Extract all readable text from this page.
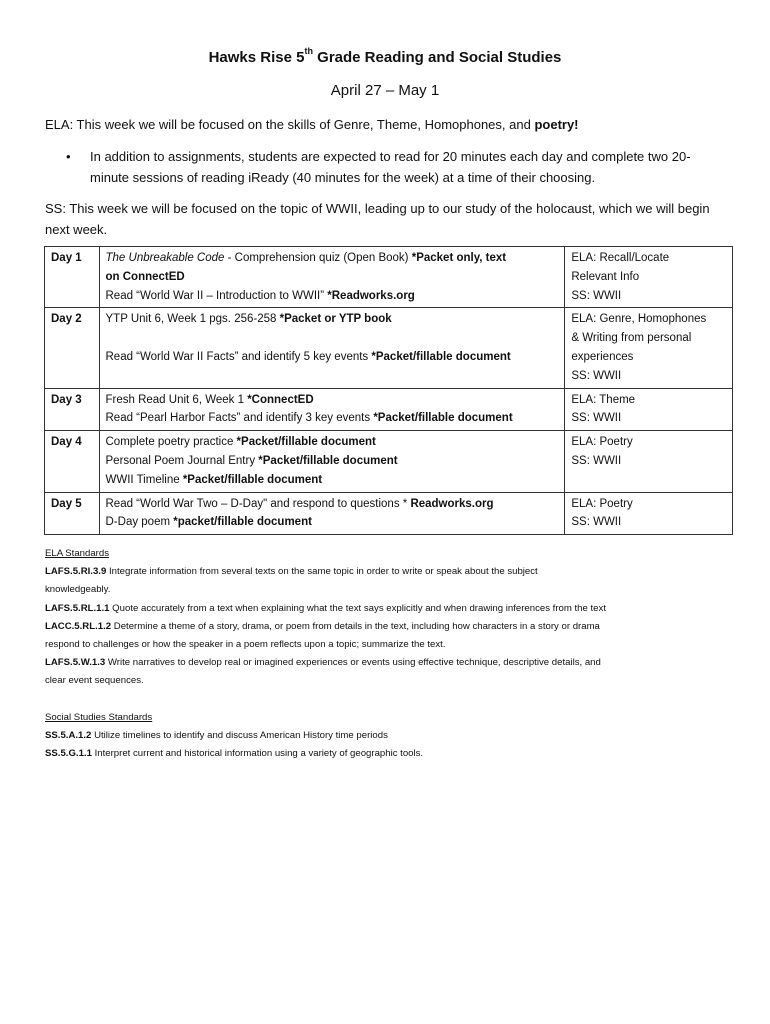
Hawks Rise 5th Grade Reading and Social Studies
April 27 – May 1
ELA: This week we will be focused on the skills of Genre, Theme, Homophones, and poetry!
• In addition to assignments, students are expected to read for 20 minutes each day and complete two 20-minute sessions of reading iReady (40 minutes for the week) at a time of their choosing.
SS: This week we will be focused on the topic of WWII, leading up to our study of the holocaust, which we will begin next week.
Day 1	The Unbreakable Code - Comprehension quiz (Open Book) *Packet only, text
on ConnectED
Read “World War II – Introduction to WWII” *Readworks.org	ELA: Recall/Locate
Relevant Info
SS: WWII

Day 2	YTP Unit 6, Week 1 pgs. 256-258 *Packet or YTP book
Read “World War II Facts” and identify 5 key events *Packet/fillable document	ELA: Genre, Homophones
& Writing from personal
experiences
SS: WWII

Day 3	Fresh Read Unit 6, Week 1 *ConnectED
Read “Pearl Harbor Facts” and identify 3 key events *Packet/fillable document	ELA: Theme
SS: WWII

Day 4	Complete poetry practice *Packet/fillable document
Personal Poem Journal Entry *Packet/fillable document
WWII Timeline *Packet/fillable document	ELA: Poetry
SS: WWII

Day 5	Read “World War Two – D-Day" and respond to questions * Readworks.org
D-Day poem *packet/fillable document	ELA: Poetry
SS: WWII
ELA Standards
LAFS.5.RI.3.9 Integrate information from several texts on the same topic in order to write or speak about the subject
knowledgeably.
LAFS.5.RL.1.1 Quote accurately from a text when explaining what the text says explicitly and when drawing inferences from the text
LACC.5.RL.1.2 Determine a theme of a story, drama, or poem from details in the text, including how characters in a story or drama
respond to challenges or how the speaker in a poem reflects upon a topic; summarize the text.
LAFS.5.W.1.3 Write narratives to develop real or imagined experiences or events using effective technique, descriptive details, and
clear event sequences.
Social Studies Standards
SS.5.A.1.2 Utilize timelines to identify and discuss American History time periods
SS.5.G.1.1 Interpret current and historical information using a variety of geographic tools.
